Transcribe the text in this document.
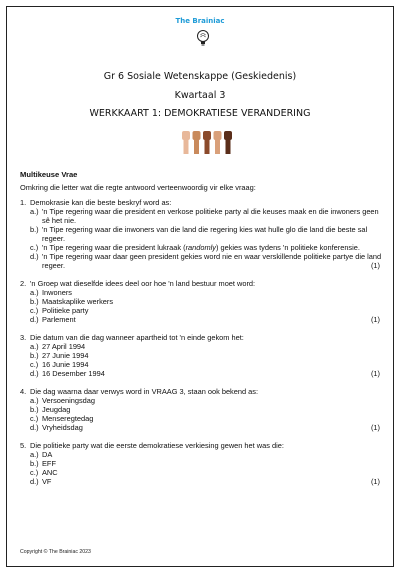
The Brainiac
Gr 6 Sosiale Wetenskappe (Geskiedenis)
Kwartaal 3
WERKKAART 1: DEMOKRATIESE VERANDERING
Multikeuse Vrae
Omkring die letter wat die regte antwoord verteenwoordig vir elke vraag:
1. Demokrasie kan die beste beskryf word as:
a.) 'n Tipe regering waar die president en verkose politieke party al die keuses maak en die inwoners geen sê het nie.
b.) 'n Tipe regering waar die inwoners van die land die regering kies wat hulle glo die land die beste sal regeer.
c.) 'n Tipe regering waar die president lukraak (randomly) gekies was tydens 'n politieke konferensie.
d.) 'n Tipe regering waar daar geen president gekies word nie en waar verskillende politieke partye die land regeer.	(1)
2. 'n Groep wat dieselfde idees deel oor hoe 'n land bestuur moet word:
a.) Inwoners
b.) Maatskaplike werkers
c.) Politieke party
d.) Parlement	(1)
3. Die datum van die dag wanneer apartheid tot 'n einde gekom het:
a.) 27 April 1994
b.) 27 Junie 1994
c.) 16 Junie 1994
d.) 16 Desember 1994	(1)
4. Die dag waarna daar verwys word in VRAAG 3, staan ook bekend as:
a.) Versoeningsdag
b.) Jeugdag
c.) Menseregtedag
d.) Vryheidsdag	(1)
5. Die politieke party wat die eerste demokratiese verkiesing gewen het was die:
a.) DA
b.) EFF
c.) ANC
d.) VF	(1)
Copyright © The Brainiac 2023
